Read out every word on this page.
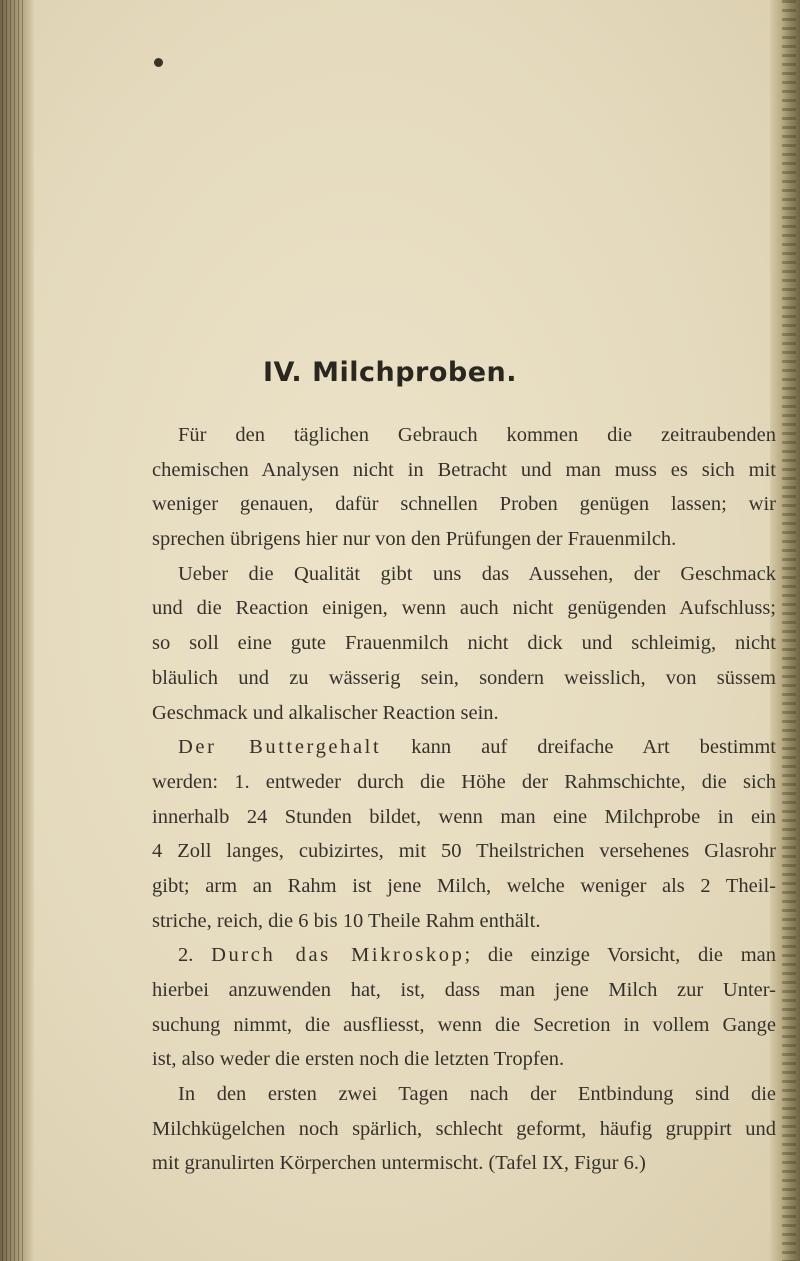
IV. Milchproben.
Für den täglichen Gebrauch kommen die zeitraubenden
chemischen Analysen nicht in Betracht und man muss es sich mit
weniger genauen, dafür schnellen Proben genügen lassen; wir
sprechen übrigens hier nur von den Prüfungen der Frauenmilch.
Ueber die Qualität gibt uns das Aussehen, der Geschmack
und die Reaction einigen, wenn auch nicht genügenden Aufschluss;
so soll eine gute Frauenmilch nicht dick und schleimig, nicht
bläulich und zu wässerig sein, sondern weisslich, von süssem
Geschmack und alkalischer Reaction sein.
Der Buttergehalt kann auf dreifache Art bestimmt
werden: 1. entweder durch die Höhe der Rahmschichte, die sich
innerhalb 24 Stunden bildet, wenn man eine Milchprobe in ein
4 Zoll langes, cubizirtes, mit 50 Theilstrichen versehenes Glasrohr
gibt; arm an Rahm ist jene Milch, welche weniger als 2 Theil-
striche, reich, die 6 bis 10 Theile Rahm enthält.
2. Durch das Mikroskop; die einzige Vorsicht, die man
hierbei anzuwenden hat, ist, dass man jene Milch zur Unter-
suchung nimmt, die ausfliesst, wenn die Secretion in vollem Gange
ist, also weder die ersten noch die letzten Tropfen.
In den ersten zwei Tagen nach der Entbindung sind die
Milchkügelchen noch spärlich, schlecht geformt, häufig gruppirt und
mit granulirten Körperchen untermischt. (Tafel IX, Figur 6.)
